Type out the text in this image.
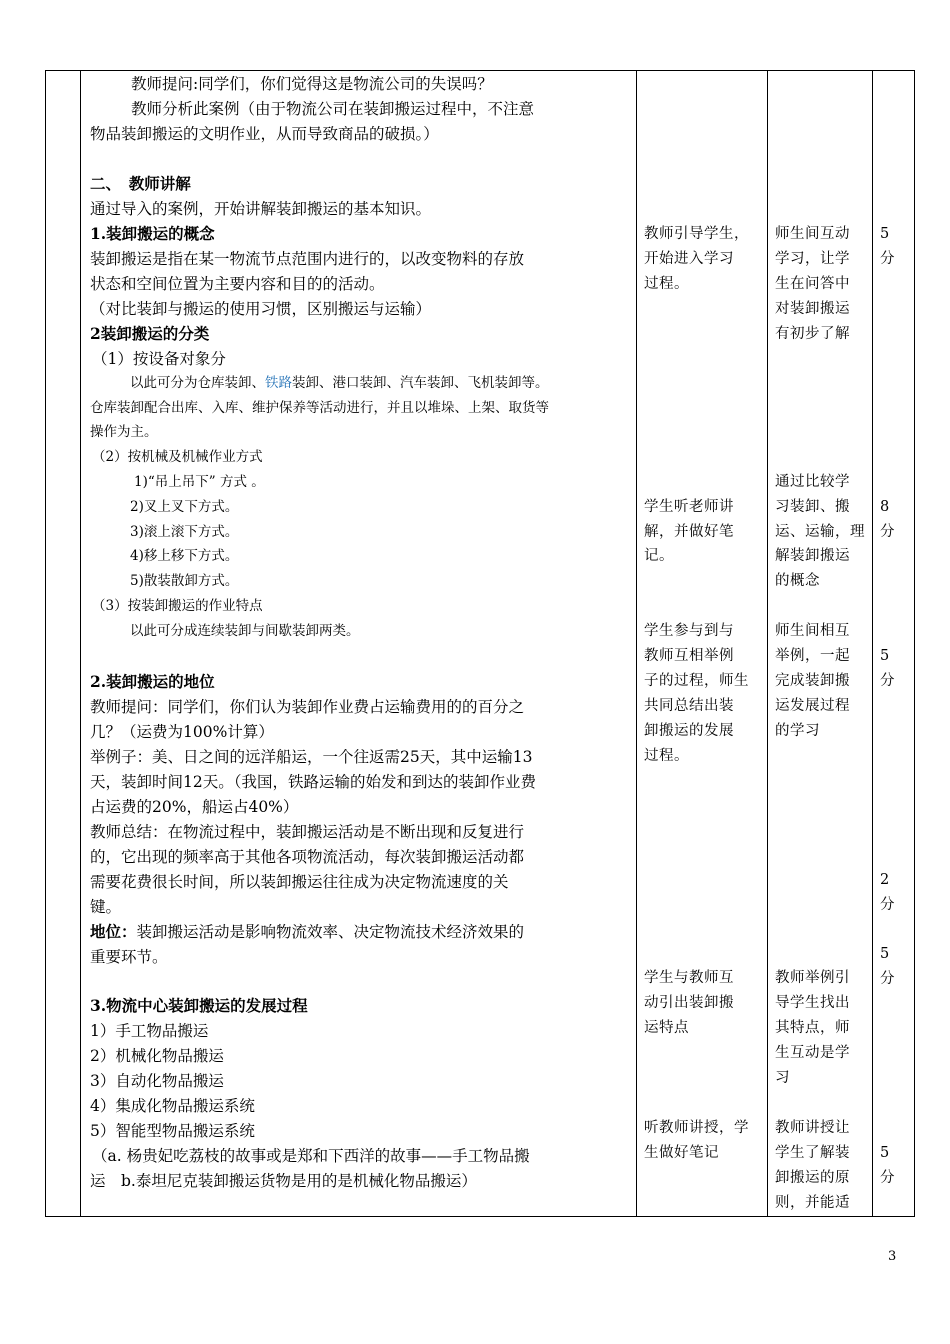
教师提问:同学们，你们觉得这是物流公司的失误吗？
教师分析此案例（由于物流公司在装卸搬运过程中，不注意
物品装卸搬运的文明作业，从而导致商品的破损。）
二、　教师讲解
通过导入的案例，开始讲解装卸搬运的基本知识。
1.装卸搬运的概念
装卸搬运是指在某一物流节点范围内进行的，以改变物料的存放
状态和空间位置为主要内容和目的的活动。
（对比装卸与搬运的使用习惯，区别搬运与运输）
2装卸搬运的分类
（1）按设备对象分
以此可分为仓库装卸、铁路装卸、港口装卸、汽车装卸、飞机装卸等。
仓库装卸配合出库、入库、维护保养等活动进行，并且以堆垛、上架、取货等
操作为主。
（2）按机械及机械作业方式
1)“吊上吊下” 方式 。
2)叉上叉下方式。
3)滚上滚下方式。
4)移上移下方式。
5)散装散卸方式。
（3）按装卸搬运的作业特点
以此可分成连续装卸与间歇装卸两类。
2.装卸搬运的地位
教师提问：同学们，你们认为装卸作业费占运输费用的的百分之
几？（运费为100%计算）
举例子：美、日之间的远洋船运，一个往返需25天，其中运输13
天，装卸时间12天。（我国，铁路运输的始发和到达的装卸作业费
占运费的20%，船运占40%）
教师总结：在物流过程中，装卸搬运活动是不断出现和反复进行
的，它出现的频率高于其他各项物流活动，每次装卸搬运活动都
需要花费很长时间，所以装卸搬运往往成为决定物流速度的关
键。
地位：装卸搬运活动是影响物流效率、决定物流技术经济效果的
重要环节。
3.物流中心装卸搬运的发展过程
1）手工物品搬运
2）机械化物品搬运
3）自动化物品搬运
4）集成化物品搬运系统
5）智能型物品搬运系统
（a. 杨贵妃吃荔枝的故事或是郑和下西洋的故事——手工物品搬
运　b.泰坦尼克装卸搬运货物是用的是机械化物品搬运）
教师引导学生，
开始进入学习
过程。
学生听老师讲
解，并做好笔
记。
学生参与到与
教师互相举例
子的过程，师生
共同总结出装
卸搬运的发展
过程。
学生与教师互
动引出装卸搬
运特点
听教师讲授，学
生做好笔记
师生间互动
学习，让学
生在问答中
对装卸搬运
有初步了解
通过比较学
习装卸、搬
运、运输，理
解装卸搬运
的概念
师生间相互
举例，一起
完成装卸搬
运发展过程
的学习
教师举例引
导学生找出
其特点，师
生互动是学
习
教师讲授让
学生了解装
卸搬运的原
则，并能适
5
分
8
分
5
分
2
分
5
分
5
分
3
